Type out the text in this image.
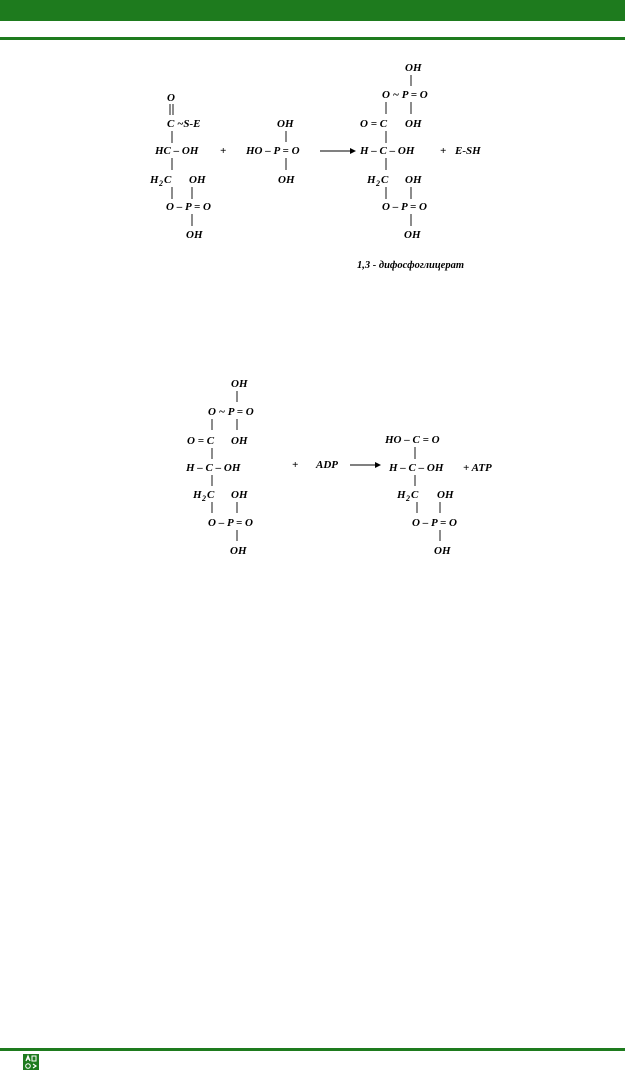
O
C ~S-E
HC – OH
H 2 C OH
O – P = O
OH
+
OH
HO – P = O
OH
OH
O ~ P = O
O = C OH
H – C – OH
H 2 C OH
O – P = O
OH
+ E-SH
1,3 - дифосфоглицерат
OH
O ~ P = O
O = C OH
H – C – OH
H 2 C OH
O – P = O
OH
+ ADP
HO – C = O
H – C – OH
H 2 C OH
O – P = O
OH
+ ATP
